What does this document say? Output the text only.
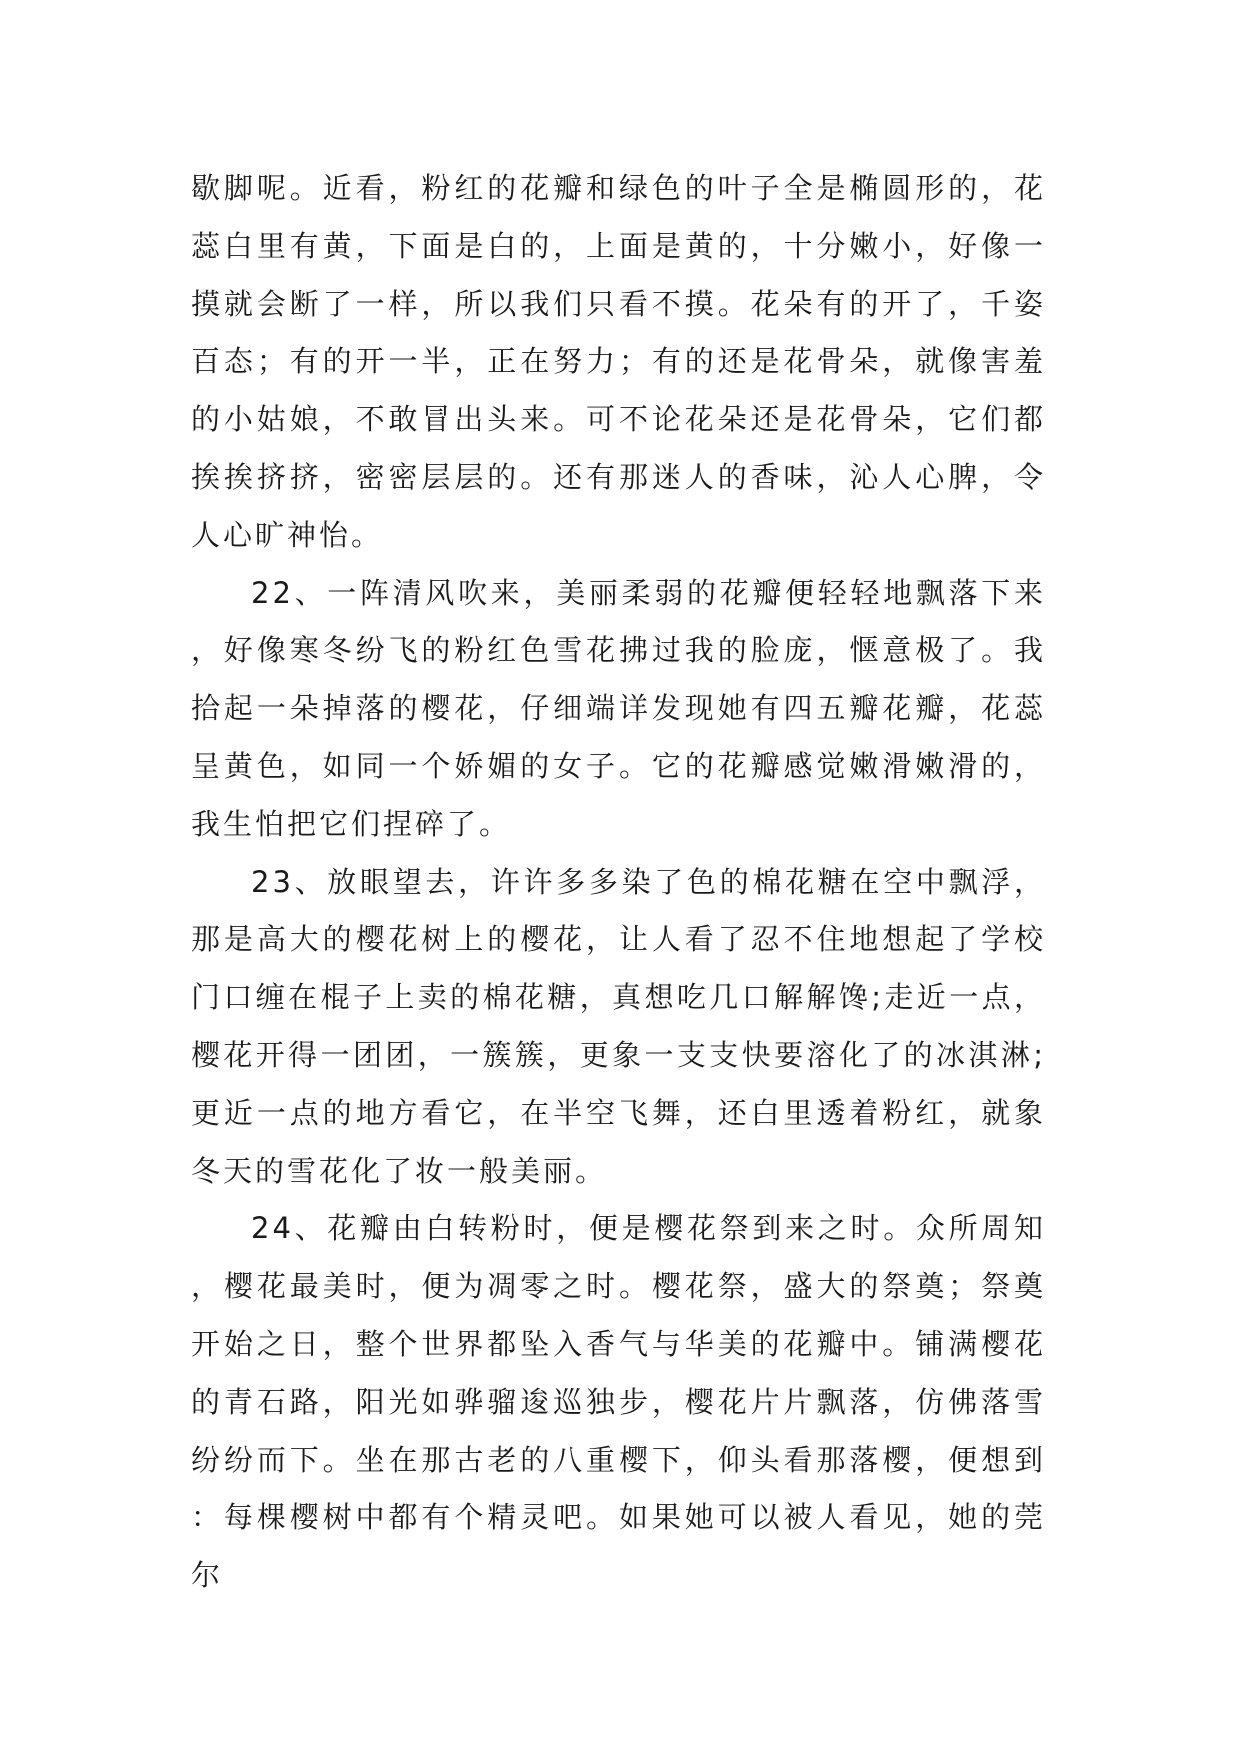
歇脚呢。近看，粉红的花瓣和绿色的叶子全是椭圆形的，花蕊白里有黄，下面是白的，上面是黄的，十分嫩小，好像一摸就会断了一样，所以我们只看不摸。花朵有的开了，千姿百态；有的开一半，正在努力；有的还是花骨朵，就像害羞的小姑娘，不敢冒出头来。可不论花朵还是花骨朵，它们都挨挨挤挤，密密层层的。还有那迷人的香味，沁人心脾，令人心旷神怡。

22、一阵清风吹来，美丽柔弱的花瓣便轻轻地飘落下来，好像寒冬纷飞的粉红色雪花拂过我的脸庞，惬意极了。我拾起一朵掉落的樱花，仔细端详发现她有四五瓣花瓣，花蕊呈黄色，如同一个娇媚的女子。它的花瓣感觉嫩滑嫩滑的，我生怕把它们捏碎了。

23、放眼望去，许许多多染了色的棉花糖在空中飘浮，那是高大的樱花树上的樱花，让人看了忍不住地想起了学校门口缠在棍子上卖的棉花糖，真想吃几口解解馋;走近一点，樱花开得一团团，一簇簇，更象一支支快要溶化了的冰淇淋;更近一点的地方看它，在半空飞舞，还白里透着粉红，就象冬天的雪花化了妆一般美丽。

24、花瓣由白转粉时，便是樱花祭到来之时。众所周知，樱花最美时，便为凋零之时。樱花祭，盛大的祭奠；祭奠开始之日，整个世界都坠入香气与华美的花瓣中。铺满樱花的青石路，阳光如骅骝逡巡独步，樱花片片飘落，仿佛落雪纷纷而下。坐在那古老的八重樱下，仰头看那落樱，便想到：每棵樱树中都有个精灵吧。如果她可以被人看见，她的莞尔
